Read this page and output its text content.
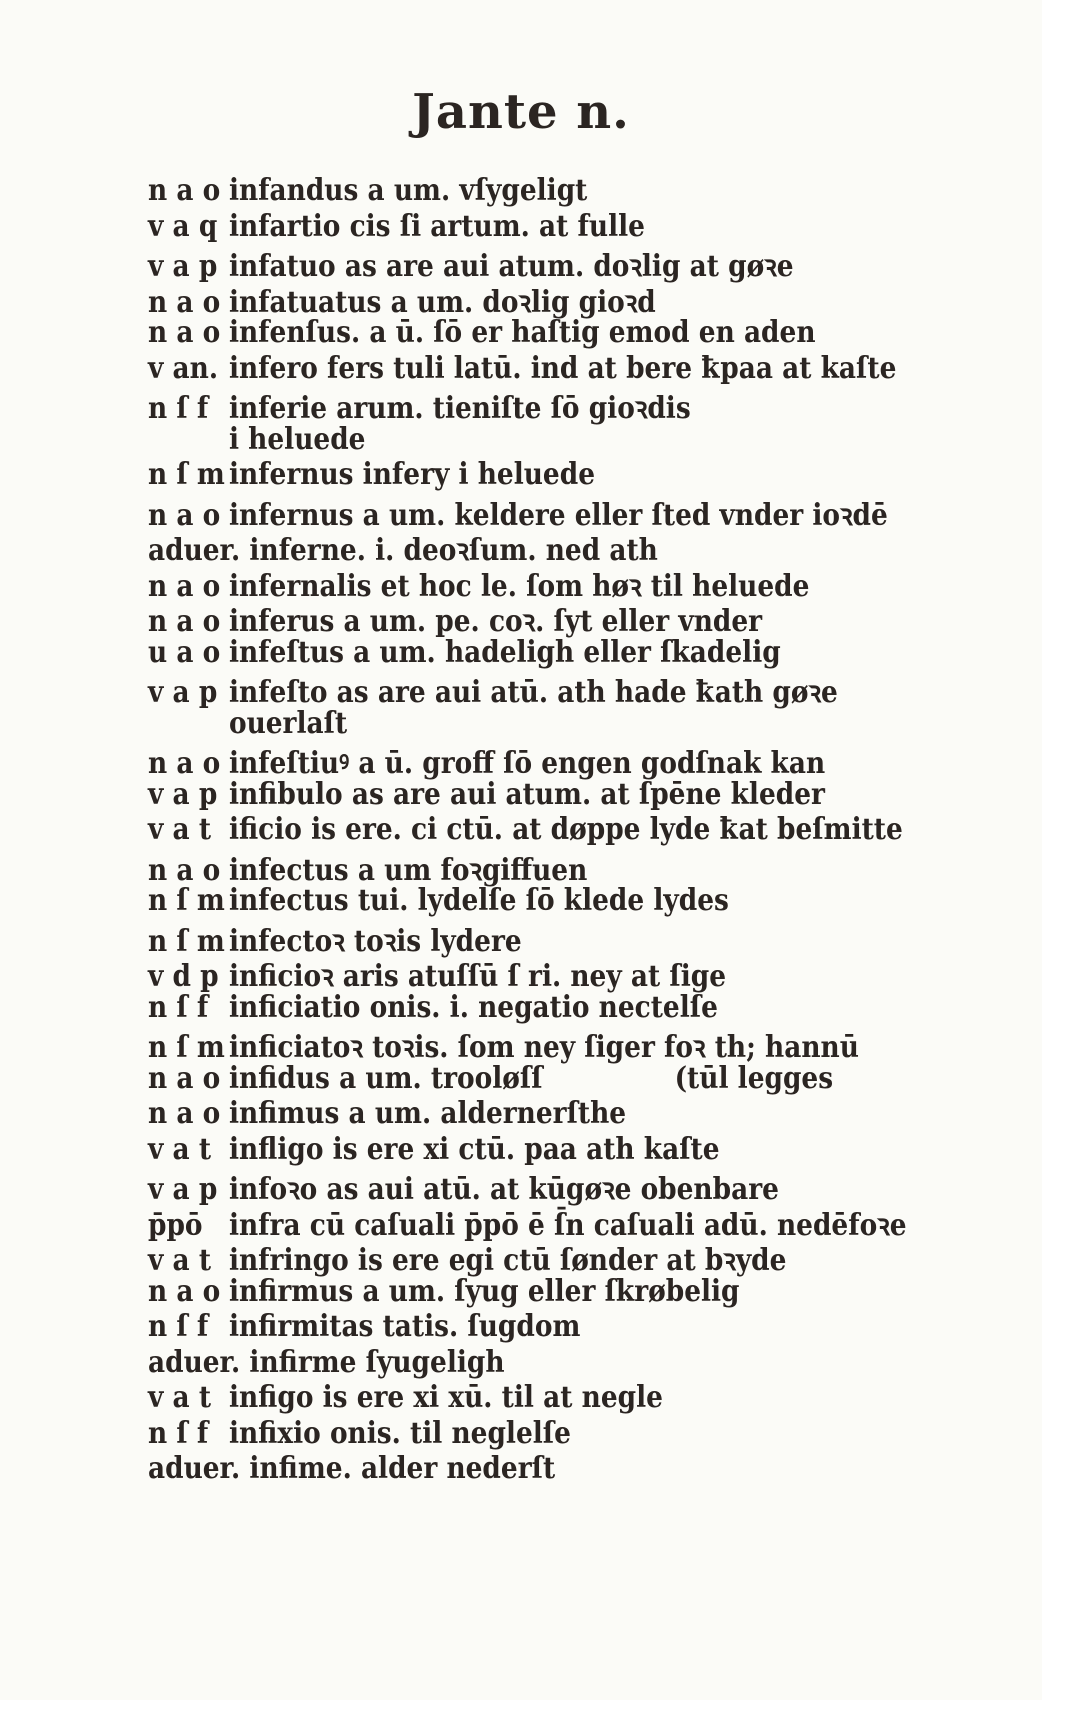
Jante n.
n a o infandus a um. vſygeligt
v a q infartio cis ſi artum. at fulle
v a p infatuo as are aui atum. doꝛlig at gøꝛe
n a o infatuatus a um. doꝛlig gioꝛd
n a o infenſus. a ū. ſō er haſtig emod en aden
v an. infero fers tuli latū. ind at bere ꝁpaa at kaſte
n ſ f inferie arum. tieniſte ſō gioꝛdis
i heluede
n ſ m infernus infery i heluede
n a o infernus a um. keldere eller ſted vnder ioꝛdē
aduer. inferne. i. deoꝛſum. ned ath
n a o infernalis et hoc le. ſom høꝛ til heluede
n a o inferus a um. pe. coꝛ. ſyt eller vnder
u a o infeſtus a um. hadeligh eller ſkadelig
v a p infeſto as are aui atū. ath hade ꝁath gøꝛe
ouerlaſt
n a o infeſtiuꝰ a ū. groff ſō engen godſnak kan
v a p infibulo as are aui atum. at ſpēne kleder
v a t ificio is ere. ci ctū. at døppe lyde ꝁat beſmitte
n a o infectus a um foꝛgiffuen
n ſ m infectus tui. lydelſe ſō klede lydes
n ſ m infectoꝛ toꝛis lydere
v d p inficioꝛ aris atuſſū ſ ri. ney at ſige
n ſ f inficiatio onis. i. negatio nectelſe
n ſ m inficiatoꝛ toꝛis. ſom ney ſiger foꝛ th; hannū
n a o infidus a um. trooløſſ	(tūl legges
n a o infimus a um. aldernerſthe
v a t infligo is ere xi ctū. paa ath kaſte
v a p infoꝛo as aui atū. at kūgøꝛe obenbare
p̄pō infra cū caſuali p̄pō ē ſ̄n caſuali adū. nedēfoꝛe
v a t infringo is ere egi ctū ſønder at bꝛyde
n a o infirmus a um. ſyug eller ſkrøbelig
n ſ f infirmitas tatis. ſugdom
aduer. infirme ſyugeligh
v a t infigo is ere xi xū. til at negle
n ſ f infixio onis. til neglelſe
aduer. infime. alder nederſt
